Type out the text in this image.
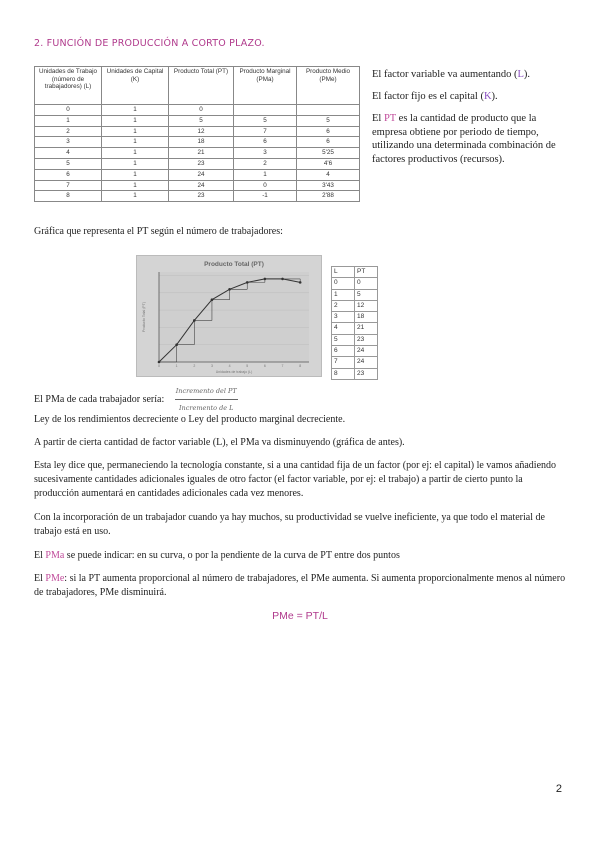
2. FUNCIÓN DE PRODUCCIÓN A CORTO PLAZO.
Unidades de Trabajo (número de trabajadores) (L)	Unidades de Capital (K)	Producto Total (PT)	Producto Marginal (PMa)	Producto Medio (PMe)
0	1	0		
1	1	5	5	5
2	1	12	7	6
3	1	18	6	6
4	1	21	3	5'25
5	1	23	2	4'6
6	1	24	1	4
7	1	24	0	3'43
8	1	23	-1	2'88
El factor variable va aumentando (L).
El factor fijo es el capital (K).
El PT es la cantidad de producto que la empresa obtiene por periodo de tiempo, utilizando una determinada combinación de factores productivos (recursos).
Gráfica que representa el PT según el número de trabajadores:
Producto Total (PT)
Unidades de trabajo (L)
Producto Total (PT)
0	1	2	3	4	5	6	7	8
L	PT
0	0
1	5
2	12
3	18
4	21
5	23
6	24
7	24
8	23
El PMa de cada trabajador sería: $\frac{\text{Incremento del PT}}{\text{Incremento de L}}$
Ley de los rendimientos decreciente o Ley del producto marginal decreciente.
A partir de cierta cantidad de factor variable (L), el PMa va disminuyendo (gráfica de antes).
Esta ley dice que, permaneciendo la tecnología constante, si a una cantidad fija de un factor (por ej: el capital) le vamos añadiendo sucesivamente cantidades adicionales iguales de otro factor (el factor variable, por ej: el trabajo) a partir de cierto punto la producción aumentará en cantidades adicionales cada vez menores.
Con la incorporación de un trabajador cuando ya hay muchos, su productividad se vuelve ineficiente, ya que todo el material de trabajo está en uso.
El PMa se puede indicar: en su curva, o por la pendiente de la curva de PT entre dos puntos
El PMe: si la PT aumenta proporcional al número de trabajadores, el PMe aumenta. Si aumenta proporcionalmente menos al número de trabajadores, PMe disminuirá.
PMe = PT/L
2
